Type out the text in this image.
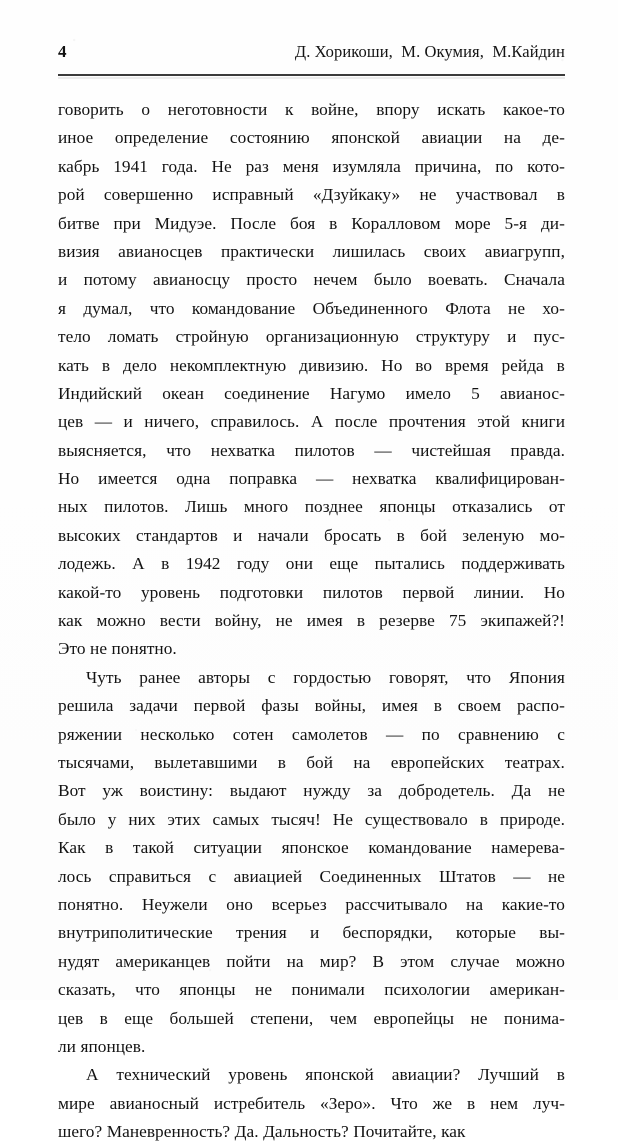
4	Д. Хорикоши,  М. Окумия,  М.Кайдин

говорить о неготовности к войне, впору искать какое-то
иное определение состоянию японской авиации на де-
кабрь 1941 года. Не раз меня изумляла причина, по кото-
рой совершенно исправный «Дзуйкаку» не участвовал в
битве при Мидуэе. После боя в Коралловом море 5-я ди-
визия авианосцев практически лишилась своих авиагрупп,
и потому авианосцу просто нечем было воевать. Сначала
я думал, что командование Объединенного Флота не хо-
тело ломать стройную организационную структуру и пус-
кать в дело некомплектную дивизию. Но во время рейда в
Индийский океан соединение Нагумо имело 5 авианос-
цев — и ничего, справилось. А после прочтения этой книги
выясняется, что нехватка пилотов — чистейшая правда.
Но имеется одна поправка — нехватка квалифицирован-
ных пилотов. Лишь много позднее японцы отказались от
высоких стандартов и начали бросать в бой зеленую мо-
лодежь. А в 1942 году они еще пытались поддерживать
какой-то уровень подготовки пилотов первой линии. Но
как можно вести войну, не имея в резерве 75 экипажей?!
Это не понятно.

Чуть ранее авторы с гордостью говорят, что Япония
решила задачи первой фазы войны, имея в своем распо-
ряжении несколько сотен самолетов — по сравнению с
тысячами, вылетавшими в бой на европейских театрах.
Вот уж воистину: выдают нужду за добродетель. Да не
было у них этих самых тысяч! Не существовало в природе.
Как в такой ситуации японское командование намерева-
лось справиться с авиацией Соединенных Штатов — не
понятно. Неужели оно всерьез рассчитывало на какие-то
внутриполитические трения и беспорядки, которые вы-
нудят американцев пойти на мир? В этом случае можно
сказать, что японцы не понимали психологии американ-
цев в еще большей степени, чем европейцы не понима-
ли японцев.

А технический уровень японской авиации? Лучший в
мире авианосный истребитель «Зеро». Что же в нем луч-
шего? Маневренность? Да. Дальность? Почитайте, как
